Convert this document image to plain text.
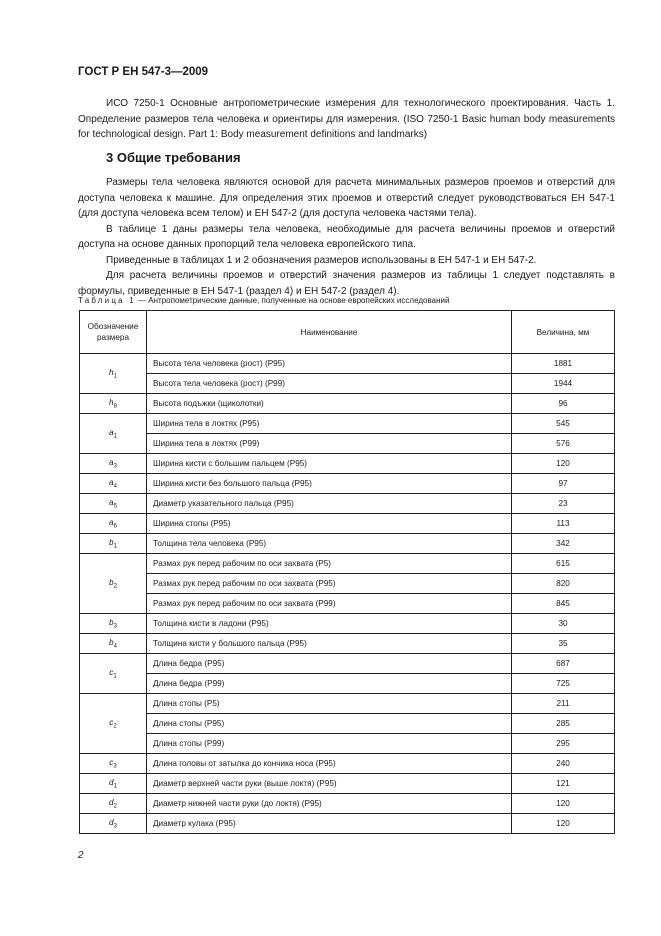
ГОСТ Р ЕН 547-3—2009

ИСО 7250-1 Основные антропометрические измерения для технологического проектирования. Часть 1. Определение размеров тела человека и ориентиры для измерения. (ISO 7250-1 Basic human body measurements for technological design. Part 1: Body measurement definitions and landmarks)

3 Общие требования

Размеры тела человека являются основой для расчета минимальных размеров проемов и отверстий для доступа человека к машине. Для определения этих проемов и отверстий следует руководствоваться ЕН 547-1 (для доступа человека всем телом) и ЕН 547-2 (для доступа человека частями тела).

В таблице 1 даны размеры тела человека, необходимые для расчета величины проемов и отверстий доступа на основе данных пропорций тела человека европейского типа.

Приведенные в таблицах 1 и 2 обозначения размеров использованы в ЕН 547-1 и ЕН 547-2.

Для расчета величины проемов и отверстий значения размеров из таблицы 1 следует подставлять в формулы, приведенные в ЕН 547-1 (раздел 4) и ЕН 547-2 (раздел 4).

Таблица 1 — Антропометрические данные, полученные на основе европейских исследований
Обозначение размера	Наименование	Величина, мм
$h_1$	Высота тела человека (рост) (Р95)	1881
	Высота тела человека (рост) (Р99)	1944
$h_8$	Высота подъжки (щиколотки)	96
$a_1$	Ширина тела в локтях (Р95)	545
	Ширина тела в локтях (Р99)	576
$a_3$	Ширина кисти с большим пальцем (Р95)	120
$a_4$	Ширина кисти без большого пальца (Р95)	97
$a_5$	Диаметр указательного пальца (Р95)	23
$a_6$	Ширина стопы (Р95)	113
$b_1$	Толщина тела человека (Р95)	342
$b_2$	Размах рук перед рабочим по оси захвата (Р5)	615
	Размах рук перед рабочим по оси захвата (Р95)	820
	Размах рук перед рабочим по оси захвата (Р99)	845
$b_3$	Толщина кисти в ладони (Р95)	30
$b_4$	Толщина кисти у большого пальца (Р95)	35
$c_1$	Длина бедра (Р95)	687
	Длина бедра (Р99)	725
$c_2$	Длина стопы (Р5)	211
	Длина стопы (Р95)	285
	Длина стопы (Р99)	295
$c_3$	Длина головы от затылка до кончика носа (Р95)	240
$d_1$	Диаметр верхней части руки (выше локтя) (Р95)	121
$d_2$	Диаметр нижней части руки (до локтя) (Р95)	120
$d_3$	Диаметр кулака (Р95)	120
2
